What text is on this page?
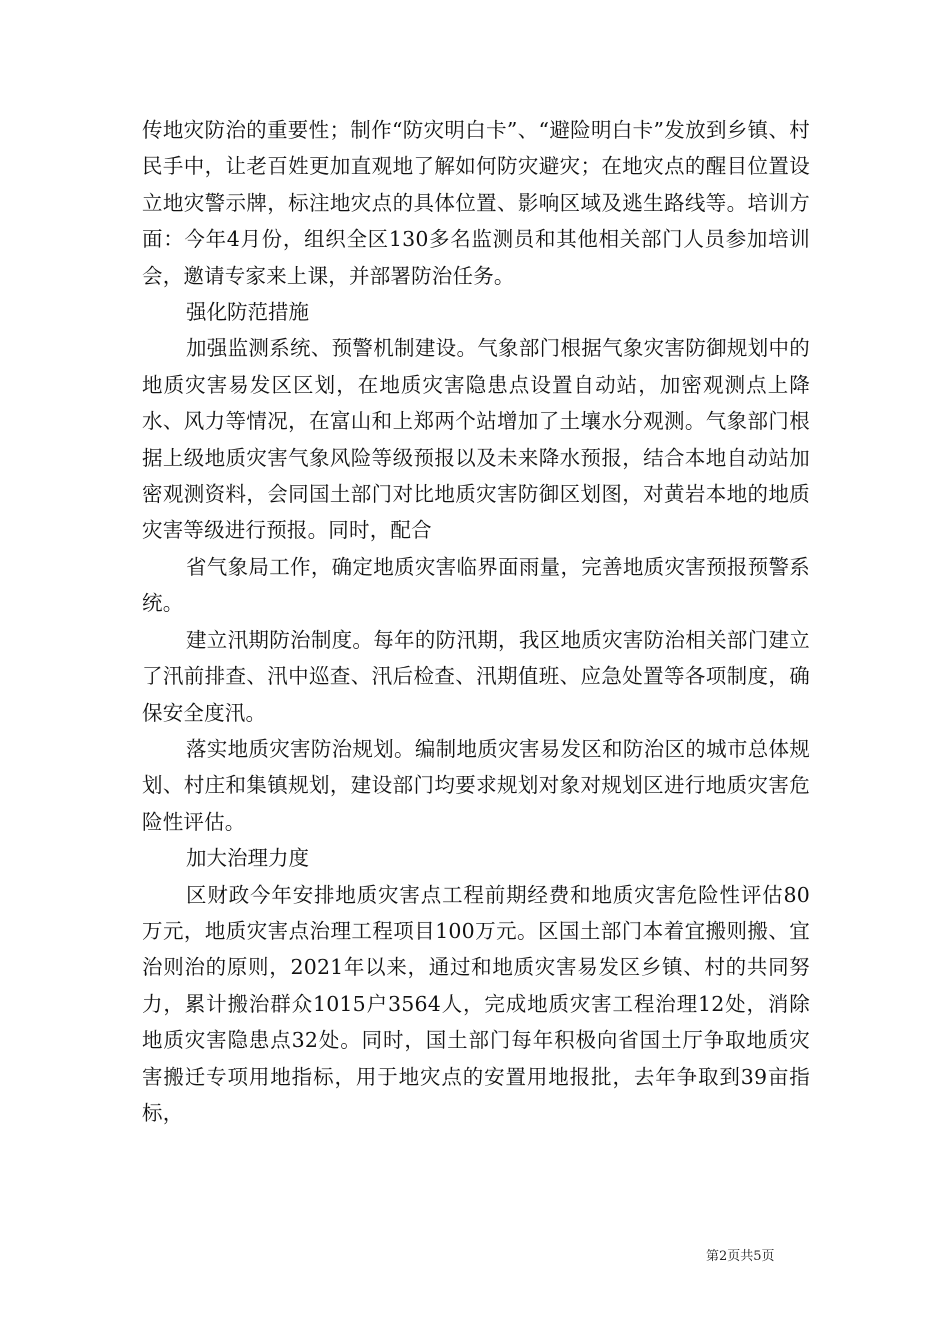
传地灾防治的重要性；制作“防灾明白卡”、“避险明白卡”发放到乡镇、村民手中，让老百姓更加直观地了解如何防灾避灾；在地灾点的醒目位置设立地灾警示牌，标注地灾点的具体位置、影响区域及逃生路线等。培训方面：今年4月份，组织全区130多名监测员和其他相关部门人员参加培训会，邀请专家来上课，并部署防治任务。

强化防范措施

加强监测系统、预警机制建设。气象部门根据气象灾害防御规划中的地质灾害易发区区划，在地质灾害隐患点设置自动站，加密观测点上降水、风力等情况，在富山和上郑两个站增加了土壤水分观测。气象部门根据上级地质灾害气象风险等级预报以及未来降水预报，结合本地自动站加密观测资料，会同国土部门对比地质灾害防御区划图，对黄岩本地的地质灾害等级进行预报。同时，配合

省气象局工作，确定地质灾害临界面雨量，完善地质灾害预报预警系统。

建立汛期防治制度。每年的防汛期，我区地质灾害防治相关部门建立了汛前排查、汛中巡查、汛后检查、汛期值班、应急处置等各项制度，确保安全度汛。

落实地质灾害防治规划。编制地质灾害易发区和防治区的城市总体规划、村庄和集镇规划，建设部门均要求规划对象对规划区进行地质灾害危险性评估。

加大治理力度

区财政今年安排地质灾害点工程前期经费和地质灾害危险性评估80万元，地质灾害点治理工程项目100万元。区国土部门本着宜搬则搬、宜治则治的原则，2021年以来，通过和地质灾害易发区乡镇、村的共同努力，累计搬治群众1015户3564人，完成地质灾害工程治理12处，消除地质灾害隐患点32处。同时，国土部门每年积极向省国土厅争取地质灾害搬迁专项用地指标，用于地灾点的安置用地报批，去年争取到39亩指标，

第2页共5页
